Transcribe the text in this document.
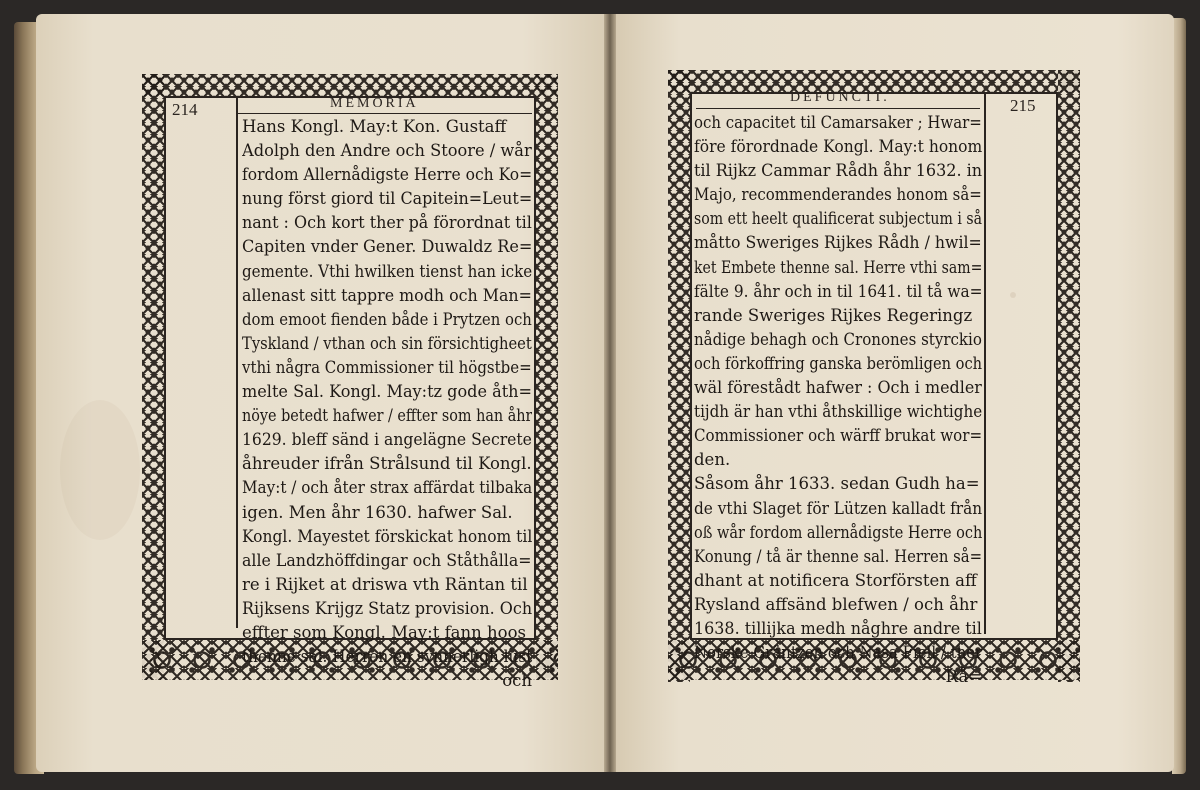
214	MEMORIA
Hans Kongl. May:t Kon. Gustaff
Adolph den Andre och Stoore / wår
fordom Allernådigste Herre och Ko=
nung först giord til Capitein=Leut=
nant : Och kort ther på förordnat til
Capiten vnder Gener. Duwaldz Re=
gemente. Vthi hwilken tienst han icke
allenast sitt tappre modh och Man=
dom emoot fienden både i Prytzen och
Tyskland / vthan och sin försichtigheet
vthi några Commissioner til högstbe=
melte Sal. Kongl. May:tz gode åth=
nöye betedt hafwer / effter som han åhr
1629. bleff sänd i angelägne Secrete
åhreuder ifrån Strålsund til Kongl.
May:t / och åter strax affärdat tilbaka
igen. Men åhr 1630. hafwer Sal.
Kongl. Mayestet förskickat honom til
alle Landzhöffdingar och Ståthålla=
re i Rijket at driswa vth Räntan til
Rijksens Krijgz Statz provision. Och
effter som Kongl. May:t fann hoos
thenne sal. Herren en synnerligh lust
och
215
DEFUNCTI.
och capacitet til Camarsaker ; Hwar=
före förordnade Kongl. May:t honom
til Rijkz Cammar Rådh åhr 1632. in
Majo, recommenderandes honom så=
som ett heelt qualificerat subjectum i så
måtto Sweriges Rijkes Rådh / hwil=
ket Embete thenne sal. Herre vthi sam=
fälte 9. åhr och in til 1641. til tå wa=
rande Sweriges Rijkes Regeringz
nådige behagh och Cronones styrckio
och förkoffring ganska berömligen och
wäl förestådt hafwer : Och i medler
tijdh är han vthi åthskillige wichtighe
Commissioner och wärff brukat wor=
den.
Såsom åhr 1633. sedan Gudh ha=
de vthi Slaget för Lützen kalladt från
oß wår fordom allernådigste Herre och
Konung / tå är thenne sal. Herren så=
dhant at notificera Storförsten aff
Rysland affsänd blefwen / och åhr
1638. tillijka medh någhre andre til
Norske Gräntzen och Nasa Fiell / ther
Rå=
